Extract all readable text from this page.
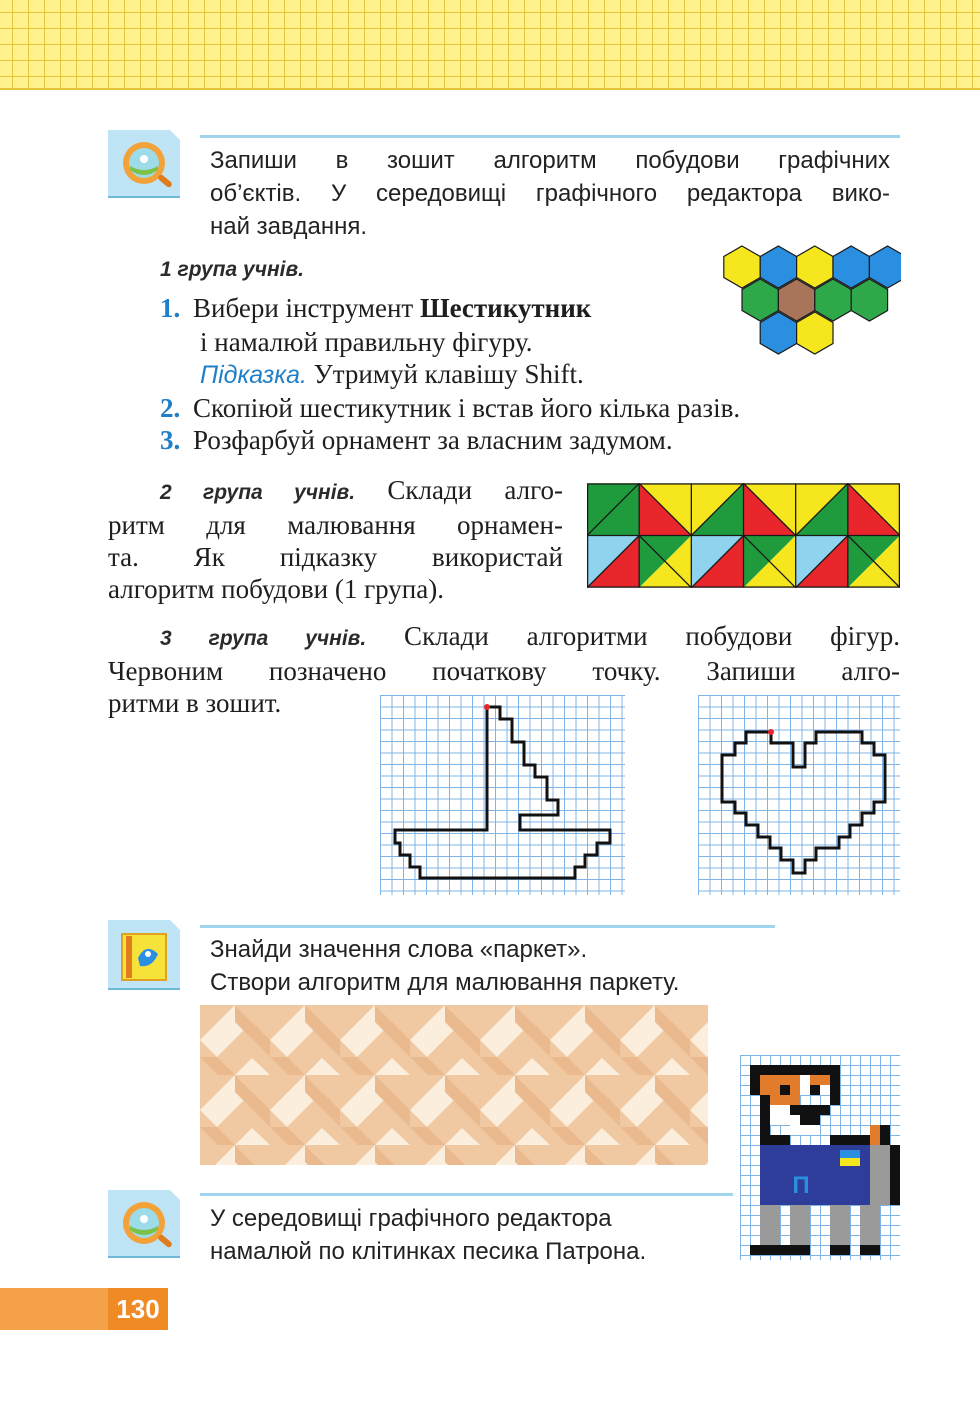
Запиши в зошит алгоритм побудови графічних
об’єктів. У середовищі графічного редактора вико-
най завдання.
1 група учнів.
1. Вибери інструмент Шестикутник
і намалюй правильну фігуру.
Підказка. Утримуй клавішу Shift.
2. Скопіюй шестикутник і встав його кілька разів.
3. Розфарбуй орнамент за власним задумом.
2 група учнів. Склади алго-
ритм для малювання орнамен-
та. Як підказку використай
алгоритм побудови (1 група).
3 група учнів. Склади алгоритми побудови фігур.
Червоним позначено початкову точку. Запиши алго-
ритми в зошит.
Знайди значення слова «паркет».
Створи алгоритм для малювання паркету.
У середовищі графічного редактора
намалюй по клітинках песика Патрона.
П
130
